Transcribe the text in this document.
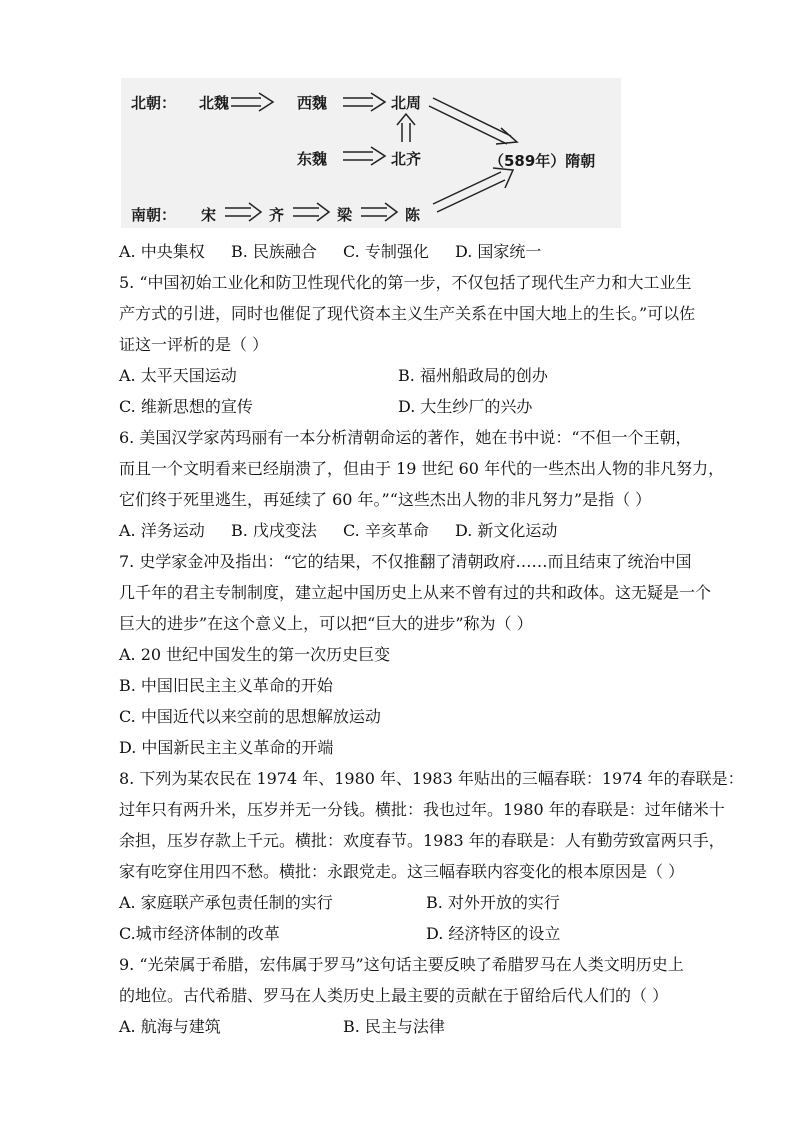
北朝： 北魏	西魏	北周
东魏	北齐	（589年）隋朝
南朝： 宋	齐	梁	陈
A. 中央集权 B. 民族融合 C. 专制强化 D. 国家统一
5. “中国初始工业化和防卫性现代化的第一步，不仅包括了现代生产力和大工业生
产方式的引进，同时也催促了现代资本主义生产关系在中国大地上的生长。”可以佐
证这一评析的是（ ）
A. 太平天国运动	B. 福州船政局的创办
C. 维新思想的宣传	D. 大生纱厂的兴办
6. 美国汉学家芮玛丽有一本分析清朝命运的著作，她在书中说：“不但一个王朝，
而且一个文明看来已经崩溃了，但由于 19 世纪 60 年代的一些杰出人物的非凡努力，
它们终于死里逃生，再延续了 60 年。”“这些杰出人物的非凡努力”是指（ ）
A. 洋务运动 B. 戊戌变法 C. 辛亥革命 D. 新文化运动
7. 史学家金冲及指出：“它的结果，不仅推翻了清朝政府……而且结束了统治中国
几千年的君主专制制度，建立起中国历史上从来不曾有过的共和政体。这无疑是一个
巨大的进步”在这个意义上，可以把“巨大的进步”称为（ ）
A. 20 世纪中国发生的第一次历史巨变
B. 中国旧民主主义革命的开始
C. 中国近代以来空前的思想解放运动
D. 中国新民主主义革命的开端
8. 下列为某农民在 1974 年、1980 年、1983 年贴出的三幅春联：1974 年的春联是：
过年只有两升米，压岁并无一分钱。横批：我也过年。1980 年的春联是：过年储米十
余担，压岁存款上千元。横批：欢度春节。1983 年的春联是：人有勤劳致富两只手，
家有吃穿住用四不愁。横批：永跟党走。这三幅春联内容变化的根本原因是（ ）
A. 家庭联产承包责任制的实行	B. 对外开放的实行
C.城市经济体制的改革	D. 经济特区的设立
9. “光荣属于希腊，宏伟属于罗马”这句话主要反映了希腊罗马在人类文明历史上
的地位。古代希腊、罗马在人类历史上最主要的贡献在于留给后代人们的（ ）
A. 航海与建筑	B. 民主与法律
